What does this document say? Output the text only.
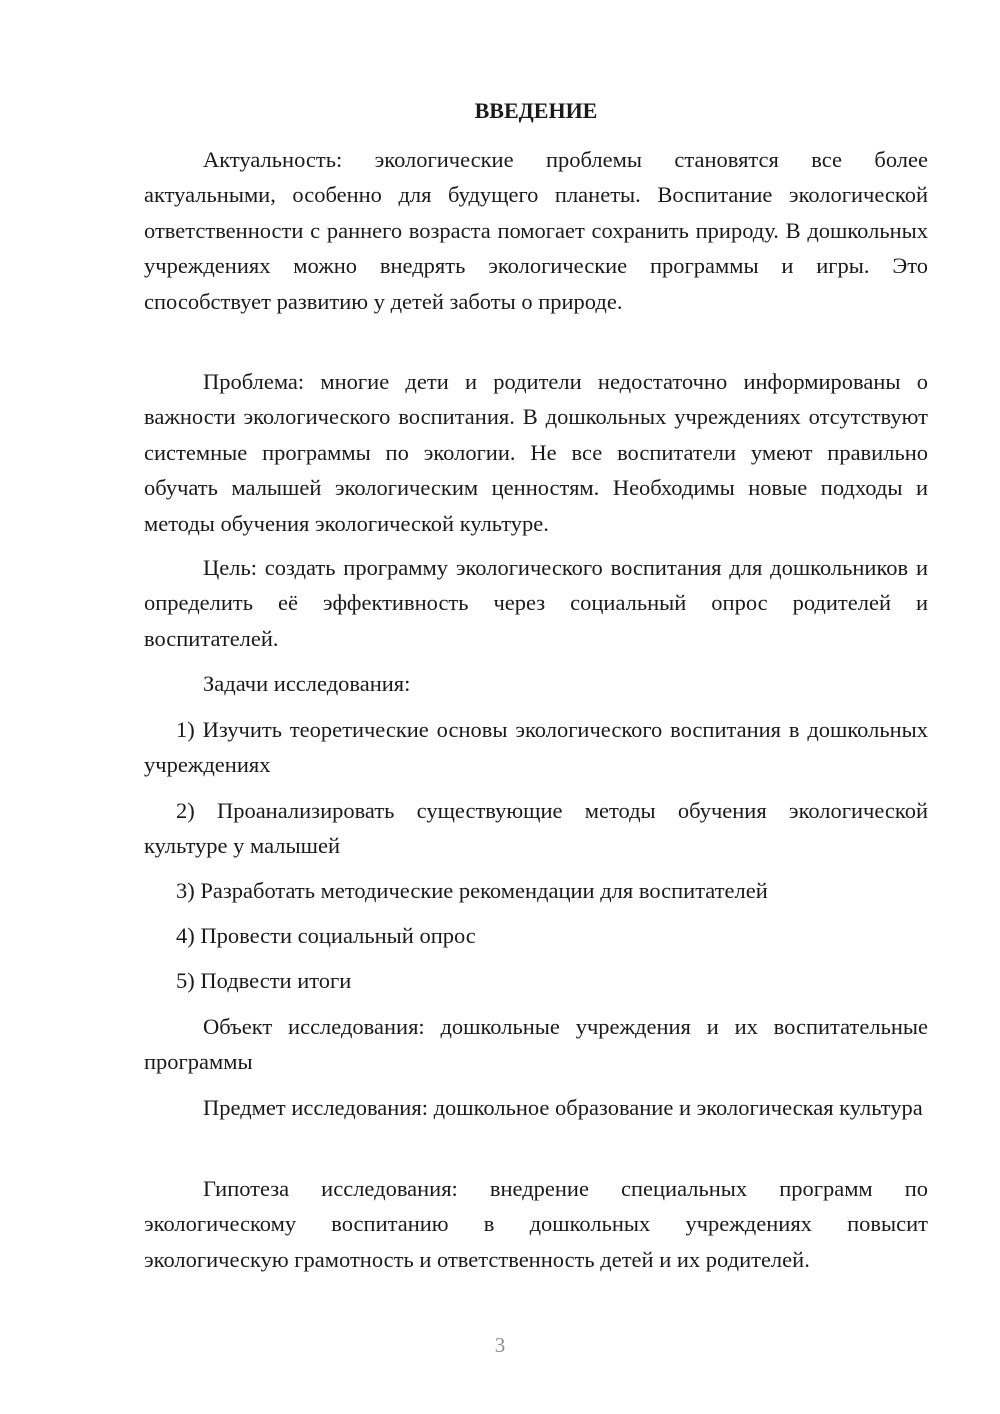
ВВЕДЕНИЕ

Актуальность: экологические проблемы становятся все более актуальными, особенно для будущего планеты. Воспитание экологической ответственности с раннего возраста помогает сохранить природу. В дошкольных учреждениях можно внедрять экологические программы и игры. Это способствует развитию у детей заботы о природе.

Проблема: многие дети и родители недостаточно информированы о важности экологического воспитания. В дошкольных учреждениях отсутствуют системные программы по экологии. Не все воспитатели умеют правильно обучать малышей экологическим ценностям. Необходимы новые подходы и методы обучения экологической культуре.

Цель: создать программу экологического воспитания для дошкольников и определить её эффективность через социальный опрос родителей и воспитателей.

Задачи исследования:

1) Изучить теоретические основы экологического воспитания в дошкольных учреждениях

2) Проанализировать существующие методы обучения экологической культуре у малышей

3) Разработать методические рекомендации для воспитателей

4) Провести социальный опрос

5) Подвести итоги

Объект исследования: дошкольные учреждения и их воспитательные программы

Предмет исследования: дошкольное образование и экологическая культура

Гипотеза исследования: внедрение специальных программ по экологическому воспитанию в дошкольных учреждениях повысит экологическую грамотность и ответственность детей и их родителей.

3
